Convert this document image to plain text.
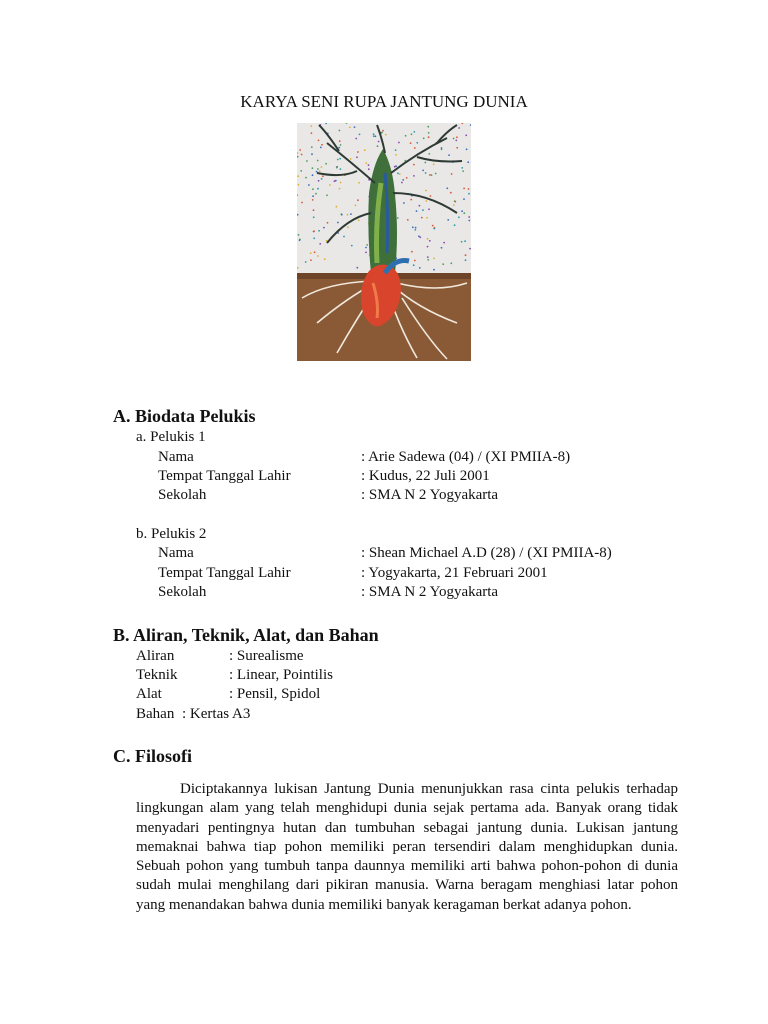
KARYA SENI RUPA JANTUNG DUNIA
A. Biodata Pelukis
a. Pelukis 1
Nama	: Arie Sadewa (04) / (XI PMIIA-8)
Tempat Tanggal Lahir	: Kudus, 22 Juli 2001
Sekolah	: SMA N 2 Yogyakarta
b. Pelukis 2
Nama	: Shean Michael A.D (28) / (XI PMIIA-8)
Tempat Tanggal Lahir	: Yogyakarta, 21 Februari 2001
Sekolah	: SMA N 2 Yogyakarta
B. Aliran, Teknik, Alat, dan Bahan
Aliran	: Surealisme
Teknik	: Linear, Pointilis
Alat	: Pensil, Spidol
Bahan : Kertas A3
C. Filosofi
Diciptakannya lukisan Jantung Dunia menunjukkan rasa cinta pelukis terhadap lingkungan alam yang telah menghidupi dunia sejak pertama ada. Banyak orang tidak menyadari pentingnya hutan dan tumbuhan sebagai jantung dunia. Lukisan jantung memaknai bahwa tiap pohon memiliki peran tersendiri dalam menghidupkan dunia. Sebuah pohon yang tumbuh tanpa daunnya memiliki arti bahwa pohon-pohon di dunia sudah mulai menghilang dari pikiran manusia. Warna beragam menghiasi latar pohon yang menandakan bahwa dunia memiliki banyak keragaman berkat adanya pohon.
